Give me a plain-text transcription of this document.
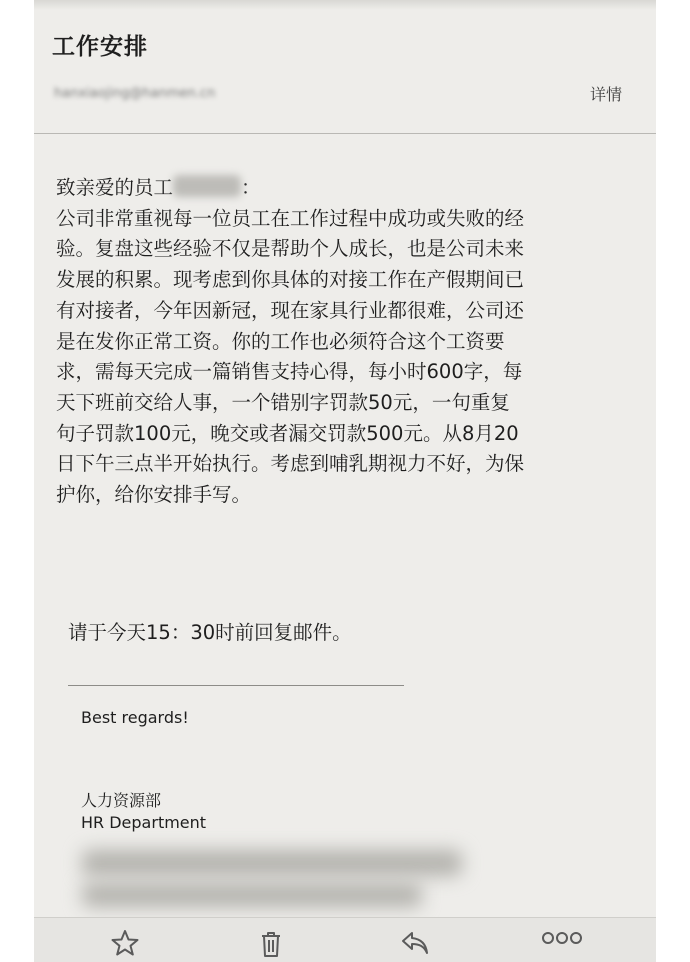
工作安排
hanxiaojing@hanmen.cn	详情

致亲爱的员工	：

公司非常重视每一位员工在工作过程中成功或失败的经

验。复盘这些经验不仅是帮助个人成长，也是公司未来

发展的积累。现考虑到你具体的对接工作在产假期间已

有对接者，今年因新冠，现在家具行业都很难，公司还

是在发你正常工资。你的工作也必须符合这个工资要

求，需每天完成一篇销售支持心得，每小时600字，每

天下班前交给人事，一个错别字罚款50元，一句重复

句子罚款100元，晚交或者漏交罚款500元。从8月20

日下午三点半开始执行。考虑到哺乳期视力不好，为保

护你，给你安排手写。

请于今天15：30时前回复邮件。
Best regards!
人力资源部
HR Department
